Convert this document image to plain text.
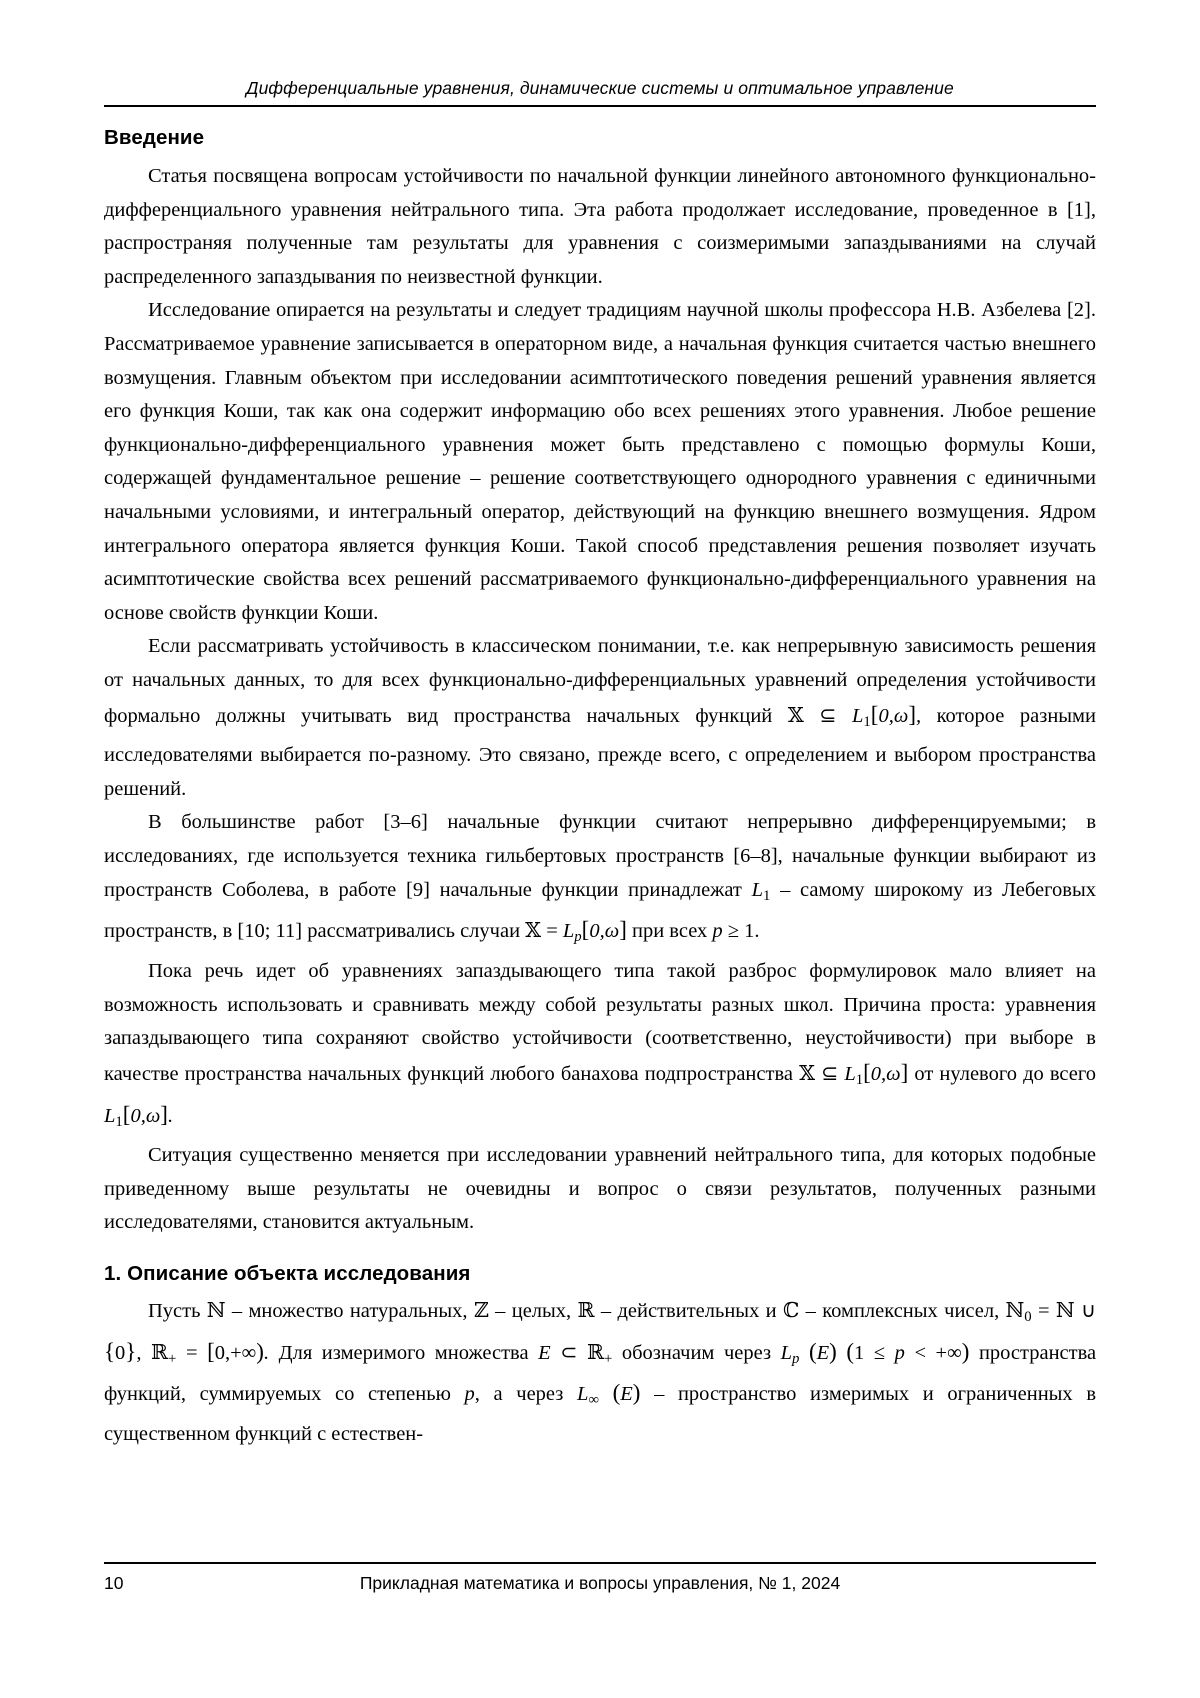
Дифференциальные уравнения, динамические системы и оптимальное управление
Введение

Статья посвящена вопросам устойчивости по начальной функции линейного автономного функционально-дифференциального уравнения нейтрального типа. Эта работа продолжает исследование, проведенное в [1], распространяя полученные там результаты для уравнения с соизмеримыми запаздываниями на случай распределенного запаздывания по неизвестной функции.

Исследование опирается на результаты и следует традициям научной школы профессора Н.В. Азбелева [2]. Рассматриваемое уравнение записывается в операторном виде, а начальная функция считается частью внешнего возмущения. Главным объектом при исследовании асимптотического поведения решений уравнения является его функция Коши, так как она содержит информацию обо всех решениях этого уравнения. Любое решение функционально-дифференциального уравнения может быть представлено с помощью формулы Коши, содержащей фундаментальное решение – решение соответствующего однородного уравнения с единичными начальными условиями, и интегральный оператор, действующий на функцию внешнего возмущения. Ядром интегрального оператора является функция Коши. Такой способ представления решения позволяет изучать асимптотические свойства всех решений рассматриваемого функционально-дифференциального уравнения на основе свойств функции Коши.

Если рассматривать устойчивость в классическом понимании, т.е. как непрерывную зависимость решения от начальных данных, то для всех функционально-дифференциальных уравнений определения устойчивости формально должны учитывать вид пространства начальных функций 𝕏 ⊆ $L_1[0,\omega]$, которое разными исследователями выбирается по-разному. Это связано, прежде всего, с определением и выбором пространства решений.

В большинстве работ [3–6] начальные функции считают непрерывно дифференцируемыми; в исследованиях, где используется техника гильбертовых пространств [6–8], начальные функции выбирают из пространств Соболева, в работе [9] начальные функции принадлежат $L_1$ – самому широкому из Лебеговых пространств, в [10; 11] рассматривались случаи 𝕏 = $L_p[0,\omega]$ при всех p ≥ 1.

Пока речь идет об уравнениях запаздывающего типа такой разброс формулировок мало влияет на возможность использовать и сравнивать между собой результаты разных школ. Причина проста: уравнения запаздывающего типа сохраняют свойство устойчивости (соответственно, неустойчивости) при выборе в качестве пространства начальных функций любого банахова подпространства 𝕏 ⊆ $L_1[0,\omega]$ от нулевого до всего $L_1[0,\omega]$.

Ситуация существенно меняется при исследовании уравнений нейтрального типа, для которых подобные приведенному выше результаты не очевидны и вопрос о связи результатов, полученных разными исследователями, становится актуальным.

1. Описание объекта исследования

Пусть ℕ – множество натуральных, ℤ – целых, ℝ – действительных и ℂ – комплексных чисел, ℕ$_0$ = ℕ ∪ {0}, ℝ$_+$ = [0,+∞). Для измеримого множества E ⊂ ℝ$_+$ обозначим через $L_p$ (E) (1 ≤ p < +∞) пространства функций, суммируемых со степенью p, а через $L_\infty$ (E) – пространство измеримых и ограниченных в существенном функций с естествен-

10	Прикладная математика и вопросы управления, № 1, 2024
